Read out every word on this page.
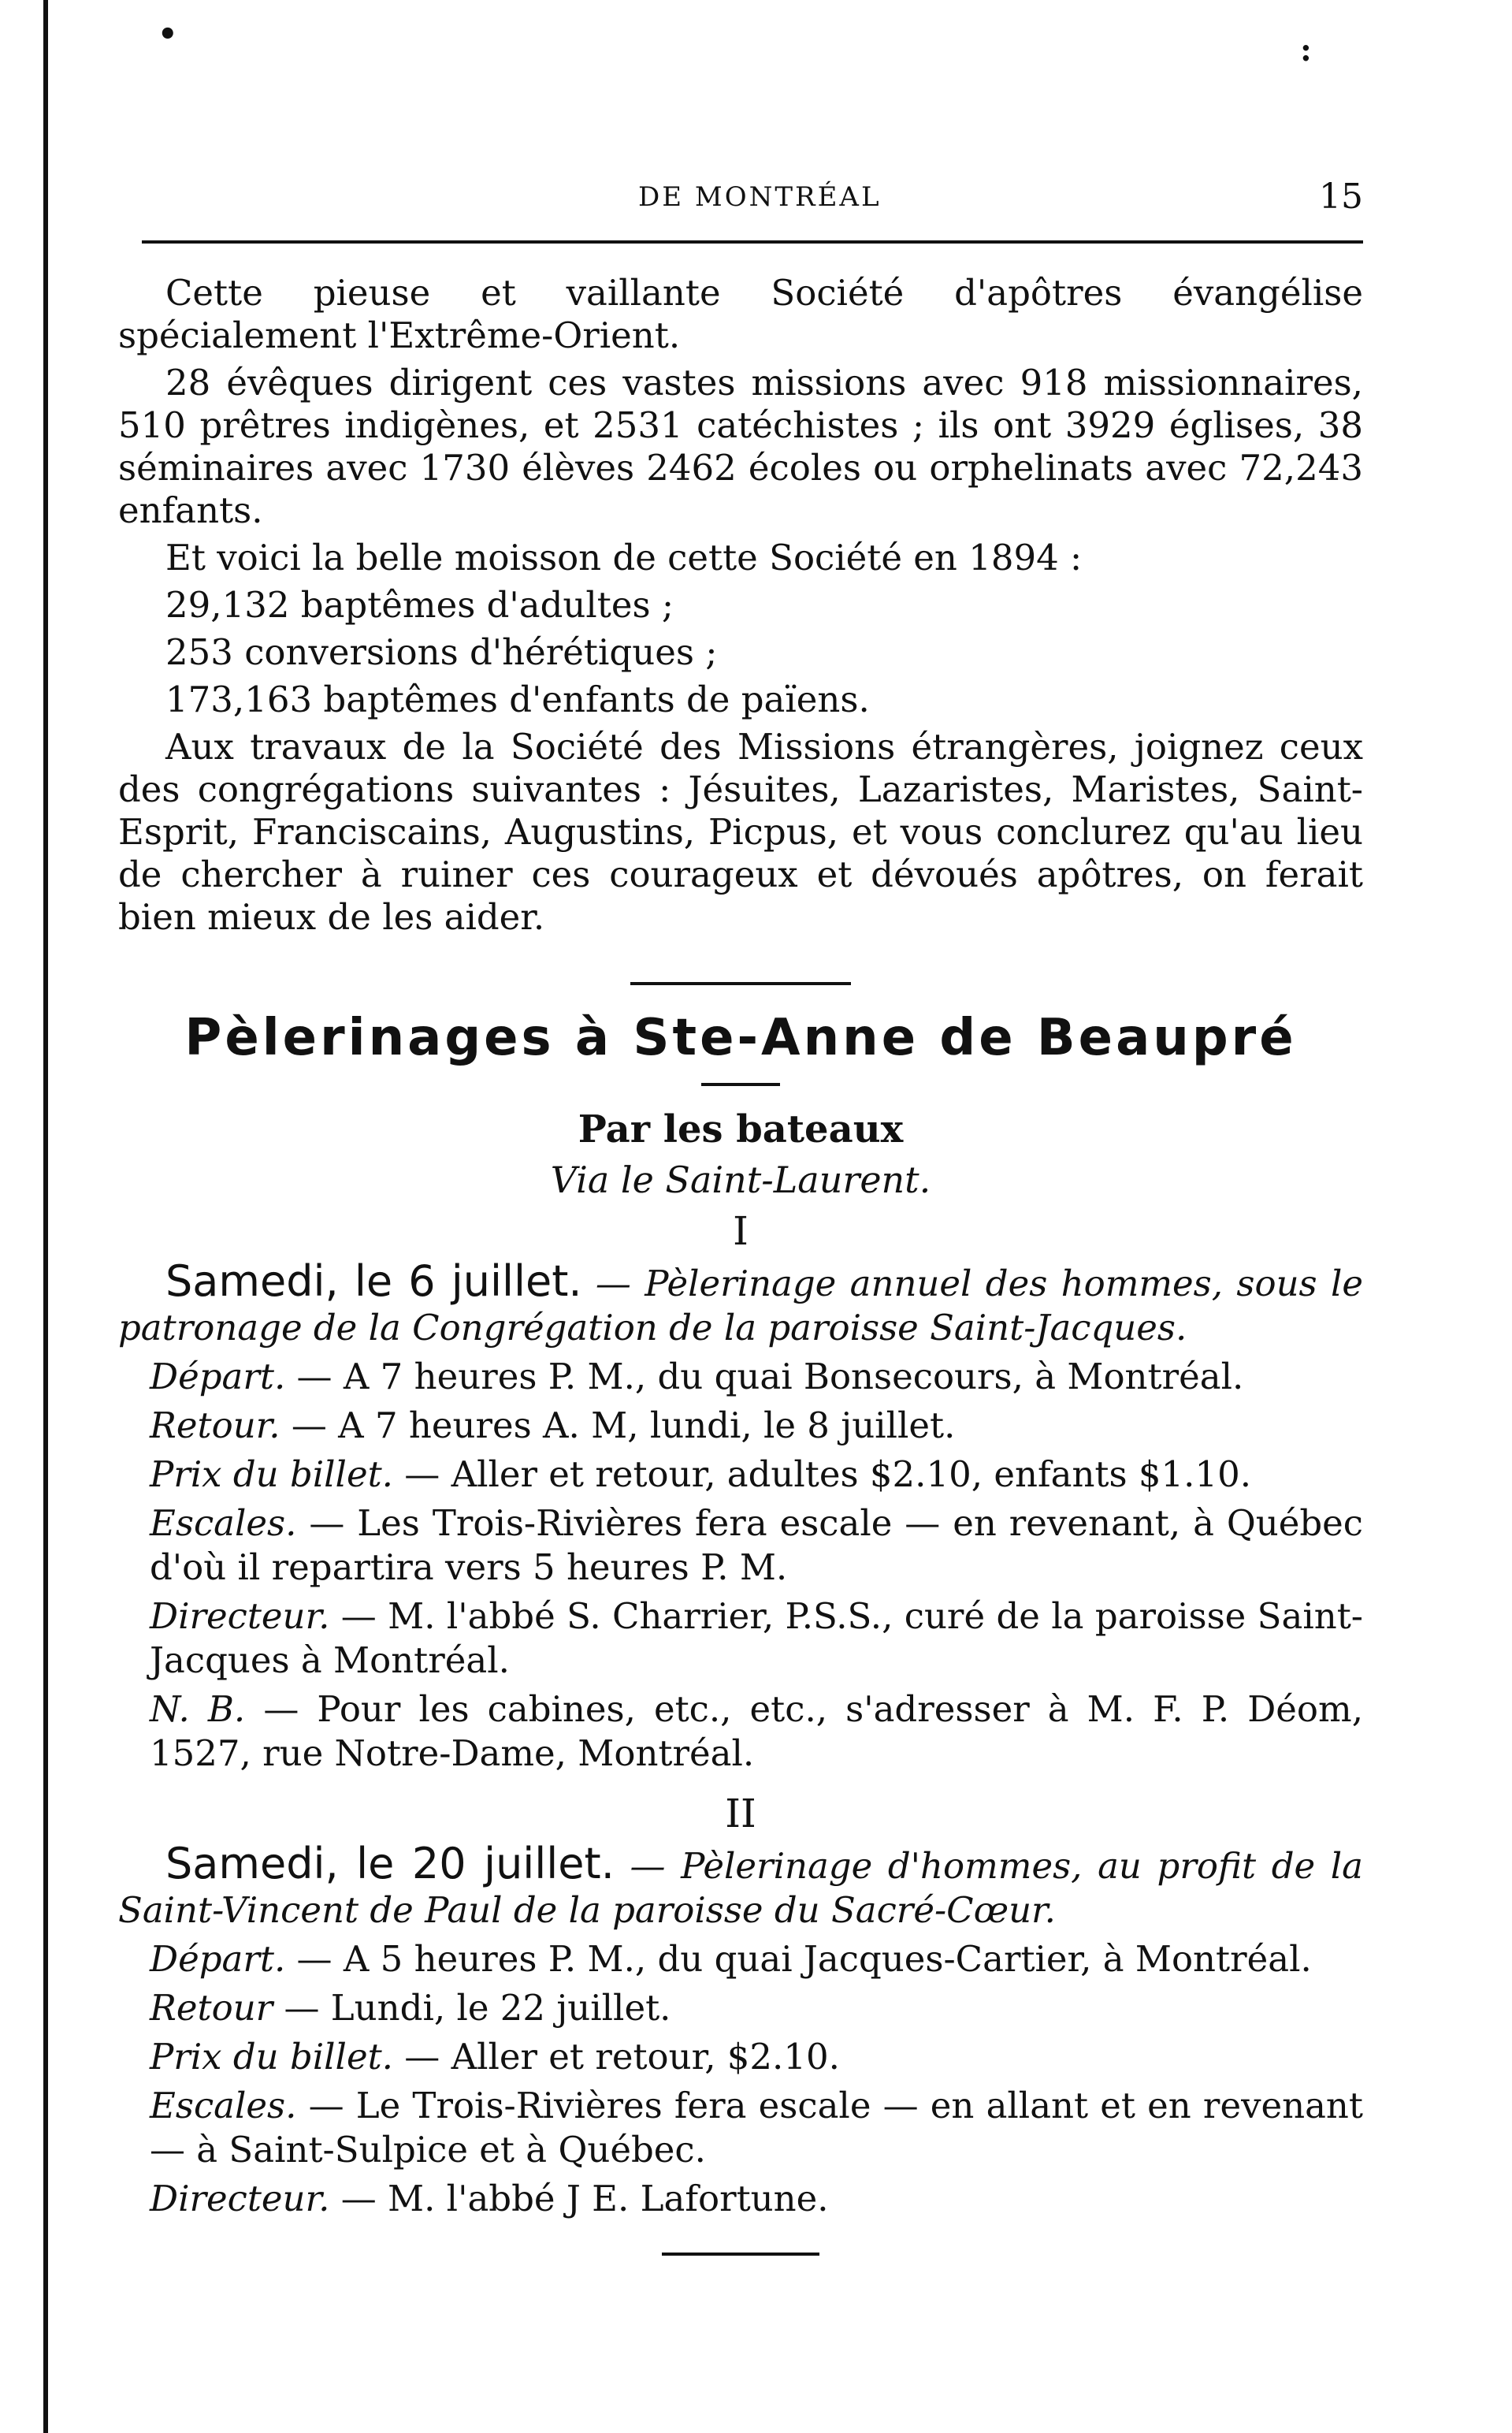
•	:
DE MONTRÉAL	15

Cette pieuse et vaillante Société d'apôtres évangélise spécialement l'Extrême-Orient.

28 évêques dirigent ces vastes missions avec 918 missionnaires, 510 prêtres indigènes, et 2531 catéchistes ; ils ont 3929 églises, 38 séminaires avec 1730 élèves 2462 écoles ou orphelinats avec 72,243 enfants.

Et voici la belle moisson de cette Société en 1894 :

29,132 baptêmes d'adultes ;

253 conversions d'hérétiques ;

173,163 baptêmes d'enfants de païens.

Aux travaux de la Société des Missions étrangères, joignez ceux des congrégations suivantes : Jésuites, Lazaristes, Maristes, Saint-Esprit, Franciscains, Augustins, Picpus, et vous conclurez qu'au lieu de chercher à ruiner ces courageux et dévoués apôtres, on ferait bien mieux de les aider.

Pèlerinages à Ste-Anne de Beaupré
Par les bateaux
Via le Saint-Laurent.
I

Samedi, le 6 juillet. — Pèlerinage annuel des hommes, sous le patronage de la Congrégation de la paroisse Saint-Jacques.

Départ. — A 7 heures P. M., du quai Bonsecours, à Montréal.

Retour. — A 7 heures A. M, lundi, le 8 juillet.

Prix du billet. — Aller et retour, adultes $2.10, enfants $1.10.

Escales. — Les Trois-Rivières fera escale — en revenant, à Québec d'où il repartira vers 5 heures P. M.

Directeur. — M. l'abbé S. Charrier, P.S.S., curé de la paroisse Saint-Jacques à Montréal.

N. B. — Pour les cabines, etc., etc., s'adresser à M. F. P. Déom, 1527, rue Notre-Dame, Montréal.

II

Samedi, le 20 juillet. — Pèlerinage d'hommes, au profit de la Saint-Vincent de Paul de la paroisse du Sacré-Cœur.

Départ. — A 5 heures P. M., du quai Jacques-Cartier, à Montréal.

Retour — Lundi, le 22 juillet.

Prix du billet. — Aller et retour, $2.10.

Escales. — Le Trois-Rivières fera escale — en allant et en revenant — à Saint-Sulpice et à Québec.

Directeur. — M. l'abbé J E. Lafortune.
